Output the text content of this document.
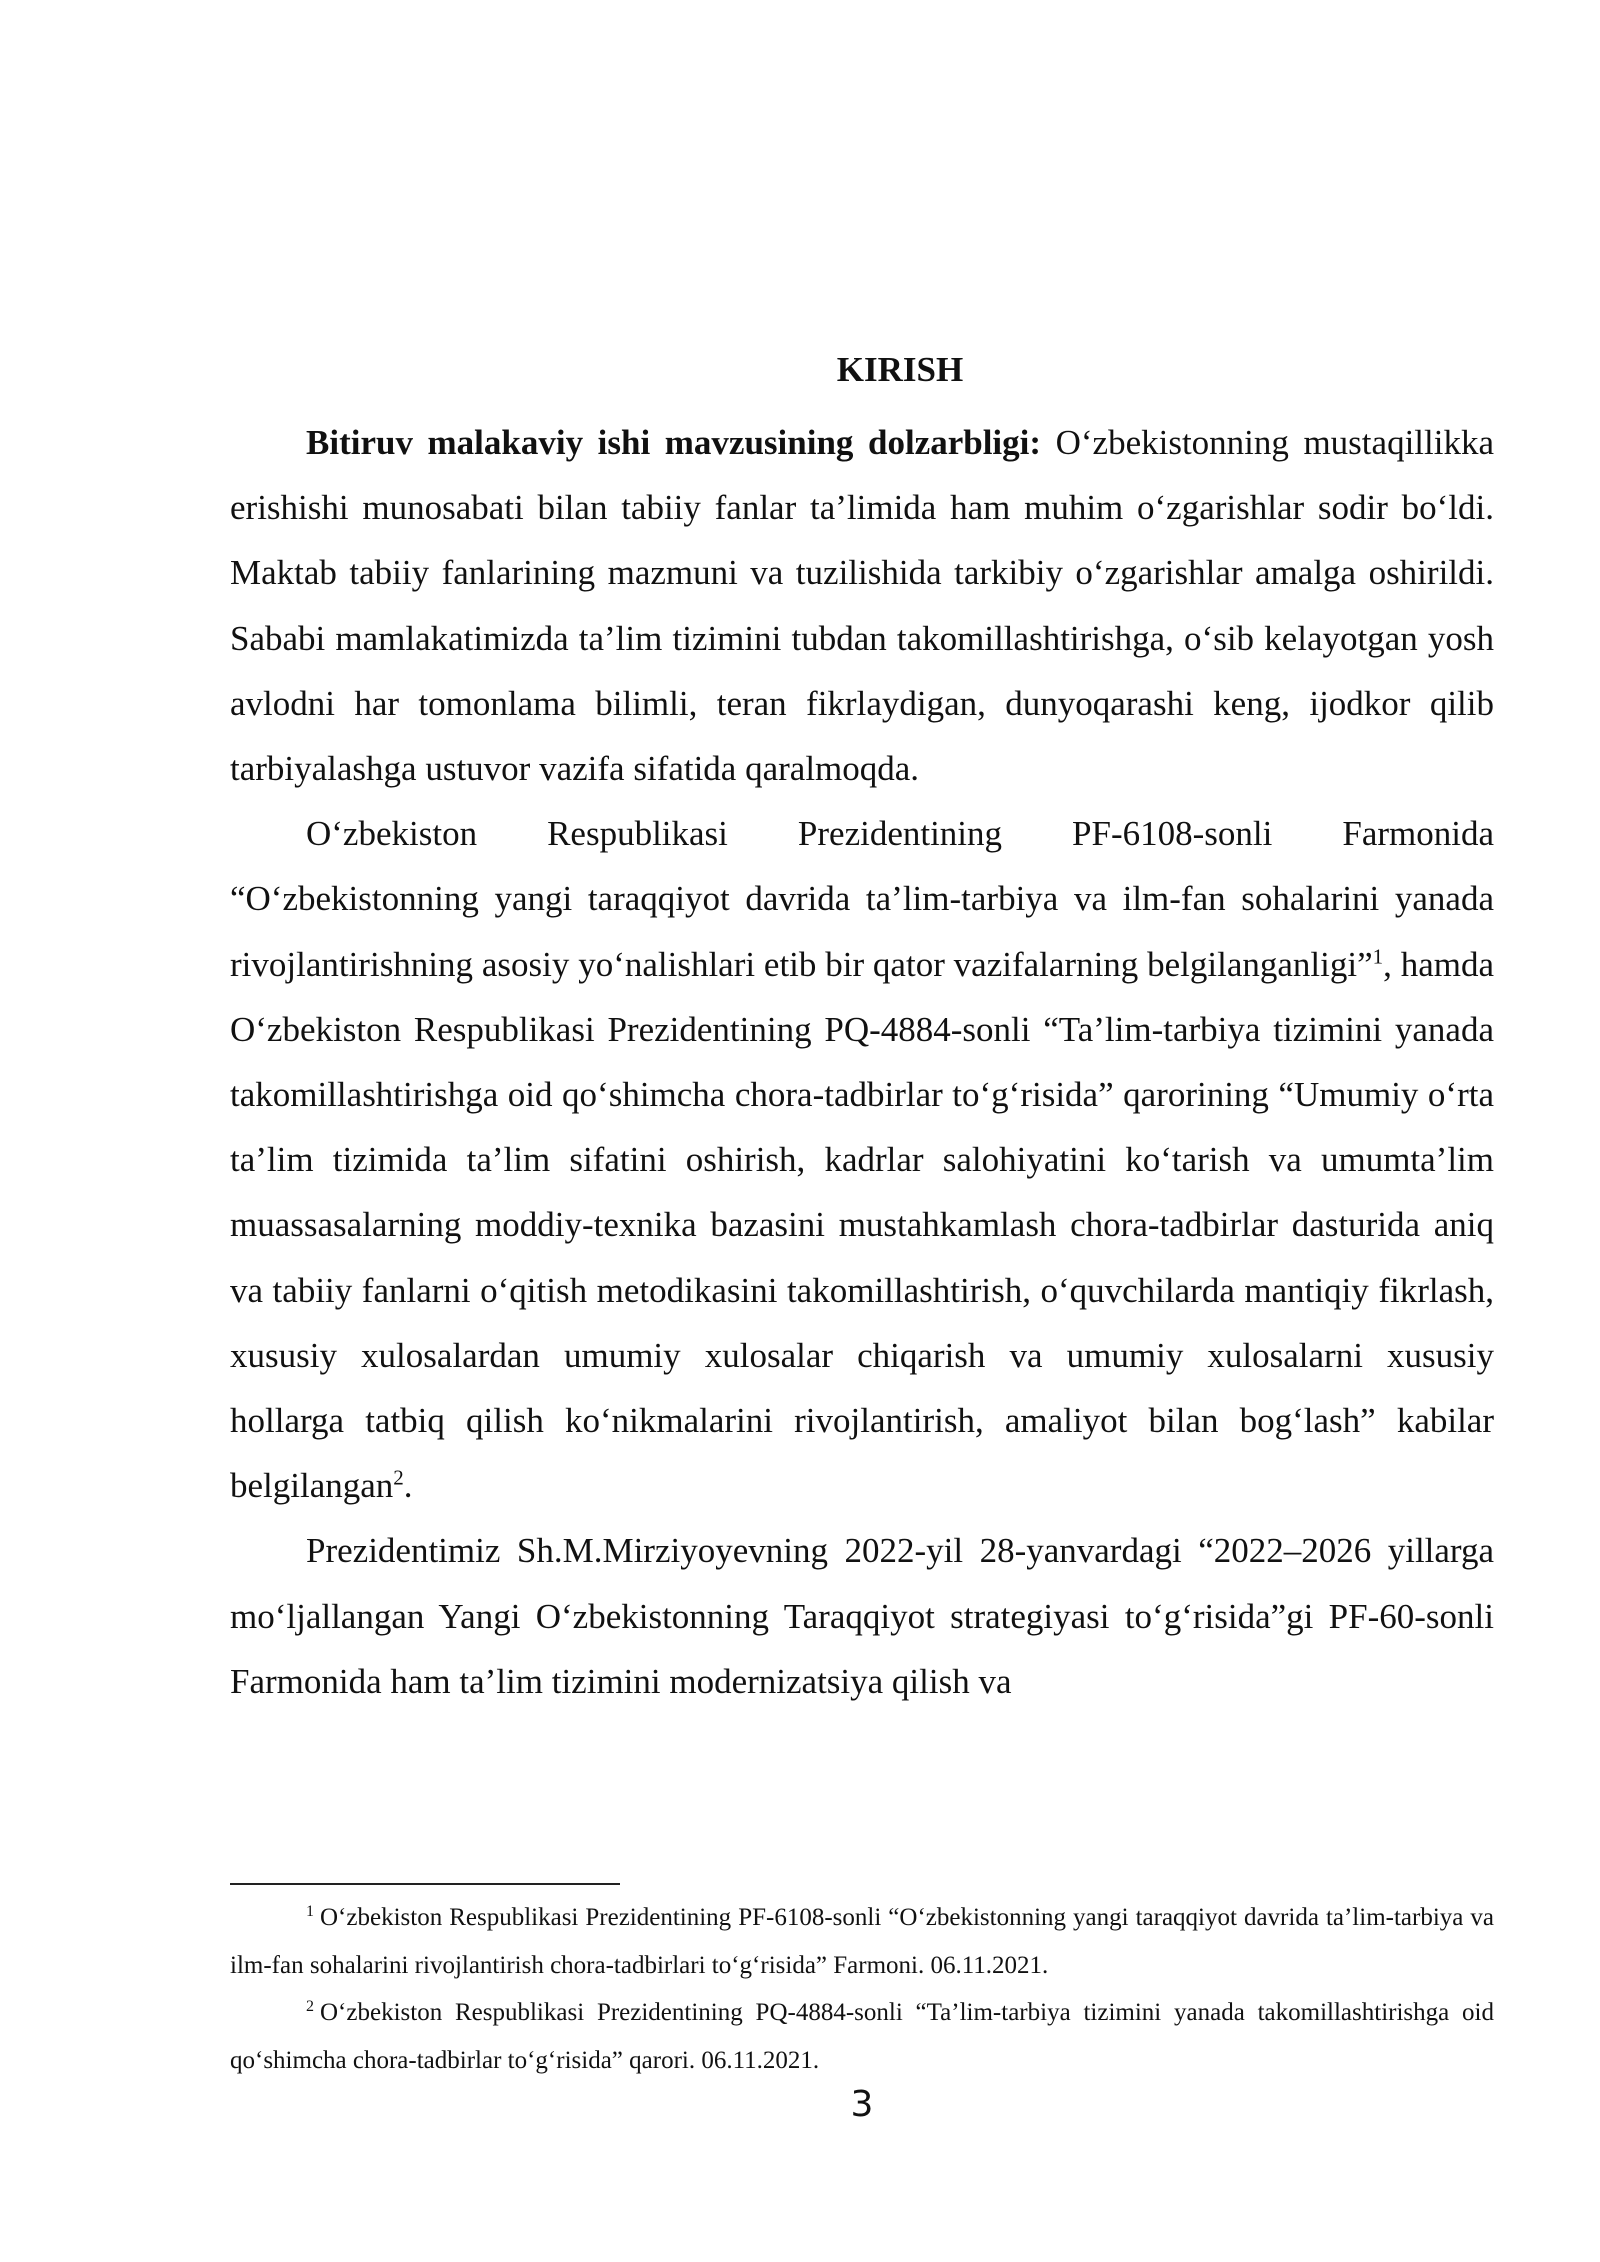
KIRISH

Bitiruv malakaviy ishi mavzusining dolzarbligi: O‘zbekistonning mustaqillikka erishishi munosabati bilan tabiiy fanlar ta’limida ham muhim o‘zgarishlar sodir bo‘ldi. Maktab tabiiy fanlarining mazmuni va tuzilishida tarkibiy o‘zgarishlar amalga oshirildi. Sababi mamlakatimizda ta’lim tizimini tubdan takomillashtirishga, o‘sib kelayotgan yosh avlodni har tomonlama bilimli, teran fikrlaydigan, dunyoqarashi keng, ijodkor qilib tarbiyalashga ustuvor vazifa sifatida qaralmoqda.

O‘zbekiston Respublikasi Prezidentining PF-6108-sonli Farmonida “O‘zbekistonning yangi taraqqiyot davrida ta’lim-tarbiya va ilm-fan sohalarini yanada rivojlantirishning asosiy yo‘nalishlari etib bir qator vazifalarning belgilanganligi”$^1$, hamda O‘zbekiston Respublikasi Prezidentining PQ-4884-sonli “Ta’lim-tarbiya tizimini yanada takomillashtirishga oid qo‘shimcha chora-tadbirlar to‘g‘risida” qarorining “Umumiy o‘rta ta’lim tizimida ta’lim sifatini oshirish, kadrlar salohiyatini ko‘tarish va umumta’lim muassasalarning moddiy-texnika bazasini mustahkamlash chora-tadbirlar dasturida aniq va tabiiy fanlarni o‘qitish metodikasini takomillashtirish, o‘quvchilarda mantiqiy fikrlash, xususiy xulosalardan umumiy xulosalar chiqarish va umumiy xulosalarni xususiy hollarga tatbiq qilish ko‘nikmalarini rivojlantirish, amaliyot bilan bog‘lash” kabilar belgilangan$^2$.

Prezidentimiz Sh.M.Mirziyoyevning 2022-yil 28-yanvardagi “2022–2026 yillarga mo‘ljallangan Yangi O‘zbekistonning Taraqqiyot strategiyasi to‘g‘risida”gi PF-60-sonli Farmonida ham ta’lim tizimini modernizatsiya qilish va

$^1$ O‘zbekiston Respublikasi Prezidentining PF-6108-sonli “O‘zbekistonning yangi taraqqiyot davrida ta’lim-tarbiya va ilm-fan sohalarini rivojlantirish chora-tadbirlari to‘g‘risida” Farmoni. 06.11.2021.

$^2$ O‘zbekiston Respublikasi Prezidentining PQ-4884-sonli “Ta’lim-tarbiya tizimini yanada takomillashtirishga oid qo‘shimcha chora-tadbirlar to‘g‘risida” qarori. 06.11.2021.

3
